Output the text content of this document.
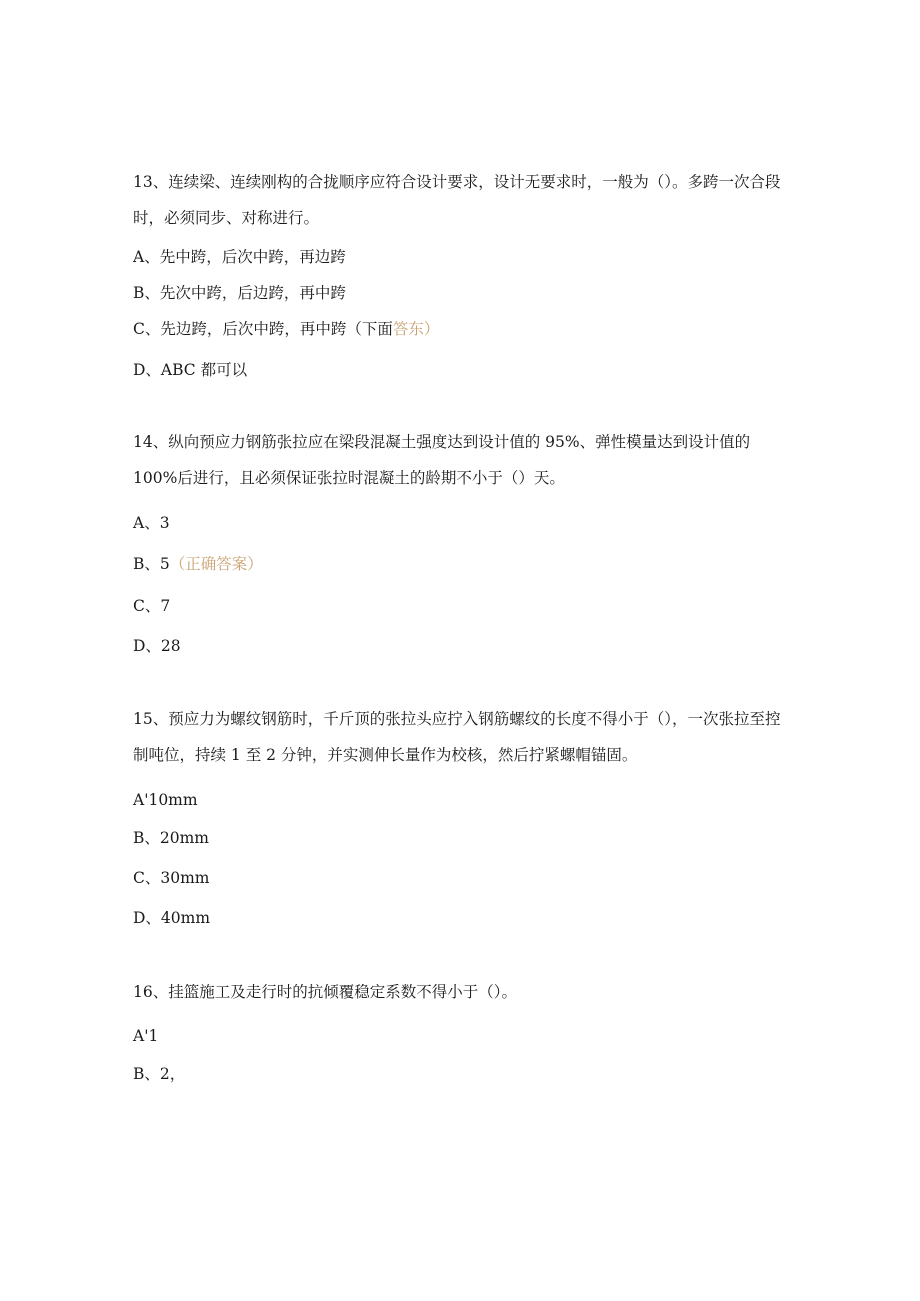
13、连续梁、连续刚构的合拢顺序应符合设计要求，设计无要求时，一般为（）。多跨一次合段时，必须同步、对称进行。

A、先中跨，后次中跨，再边跨

B、先次中跨，后边跨，再中跨

C、先边跨，后次中跨，再中跨（下面答东）

D、ABC 都可以

14、纵向预应力钢筋张拉应在梁段混凝土强度达到设计值的 95%、弹性模量达到设计值的 100%后进行，且必须保证张拉时混凝土的龄期不小于（）天。

A、3

B、5（正确答案）

C、7

D、28

15、预应力为螺纹钢筋时，千斤顶的张拉头应拧入钢筋螺纹的长度不得小于（），一次张拉至控制吨位，持续 1 至 2 分钟，并实测伸长量作为校核，然后拧紧螺帽锚固。

A'10mm

B、20mm

C、30mm

D、40mm

16、挂篮施工及走行时的抗倾覆稳定系数不得小于（）。

A'1

B、2，
